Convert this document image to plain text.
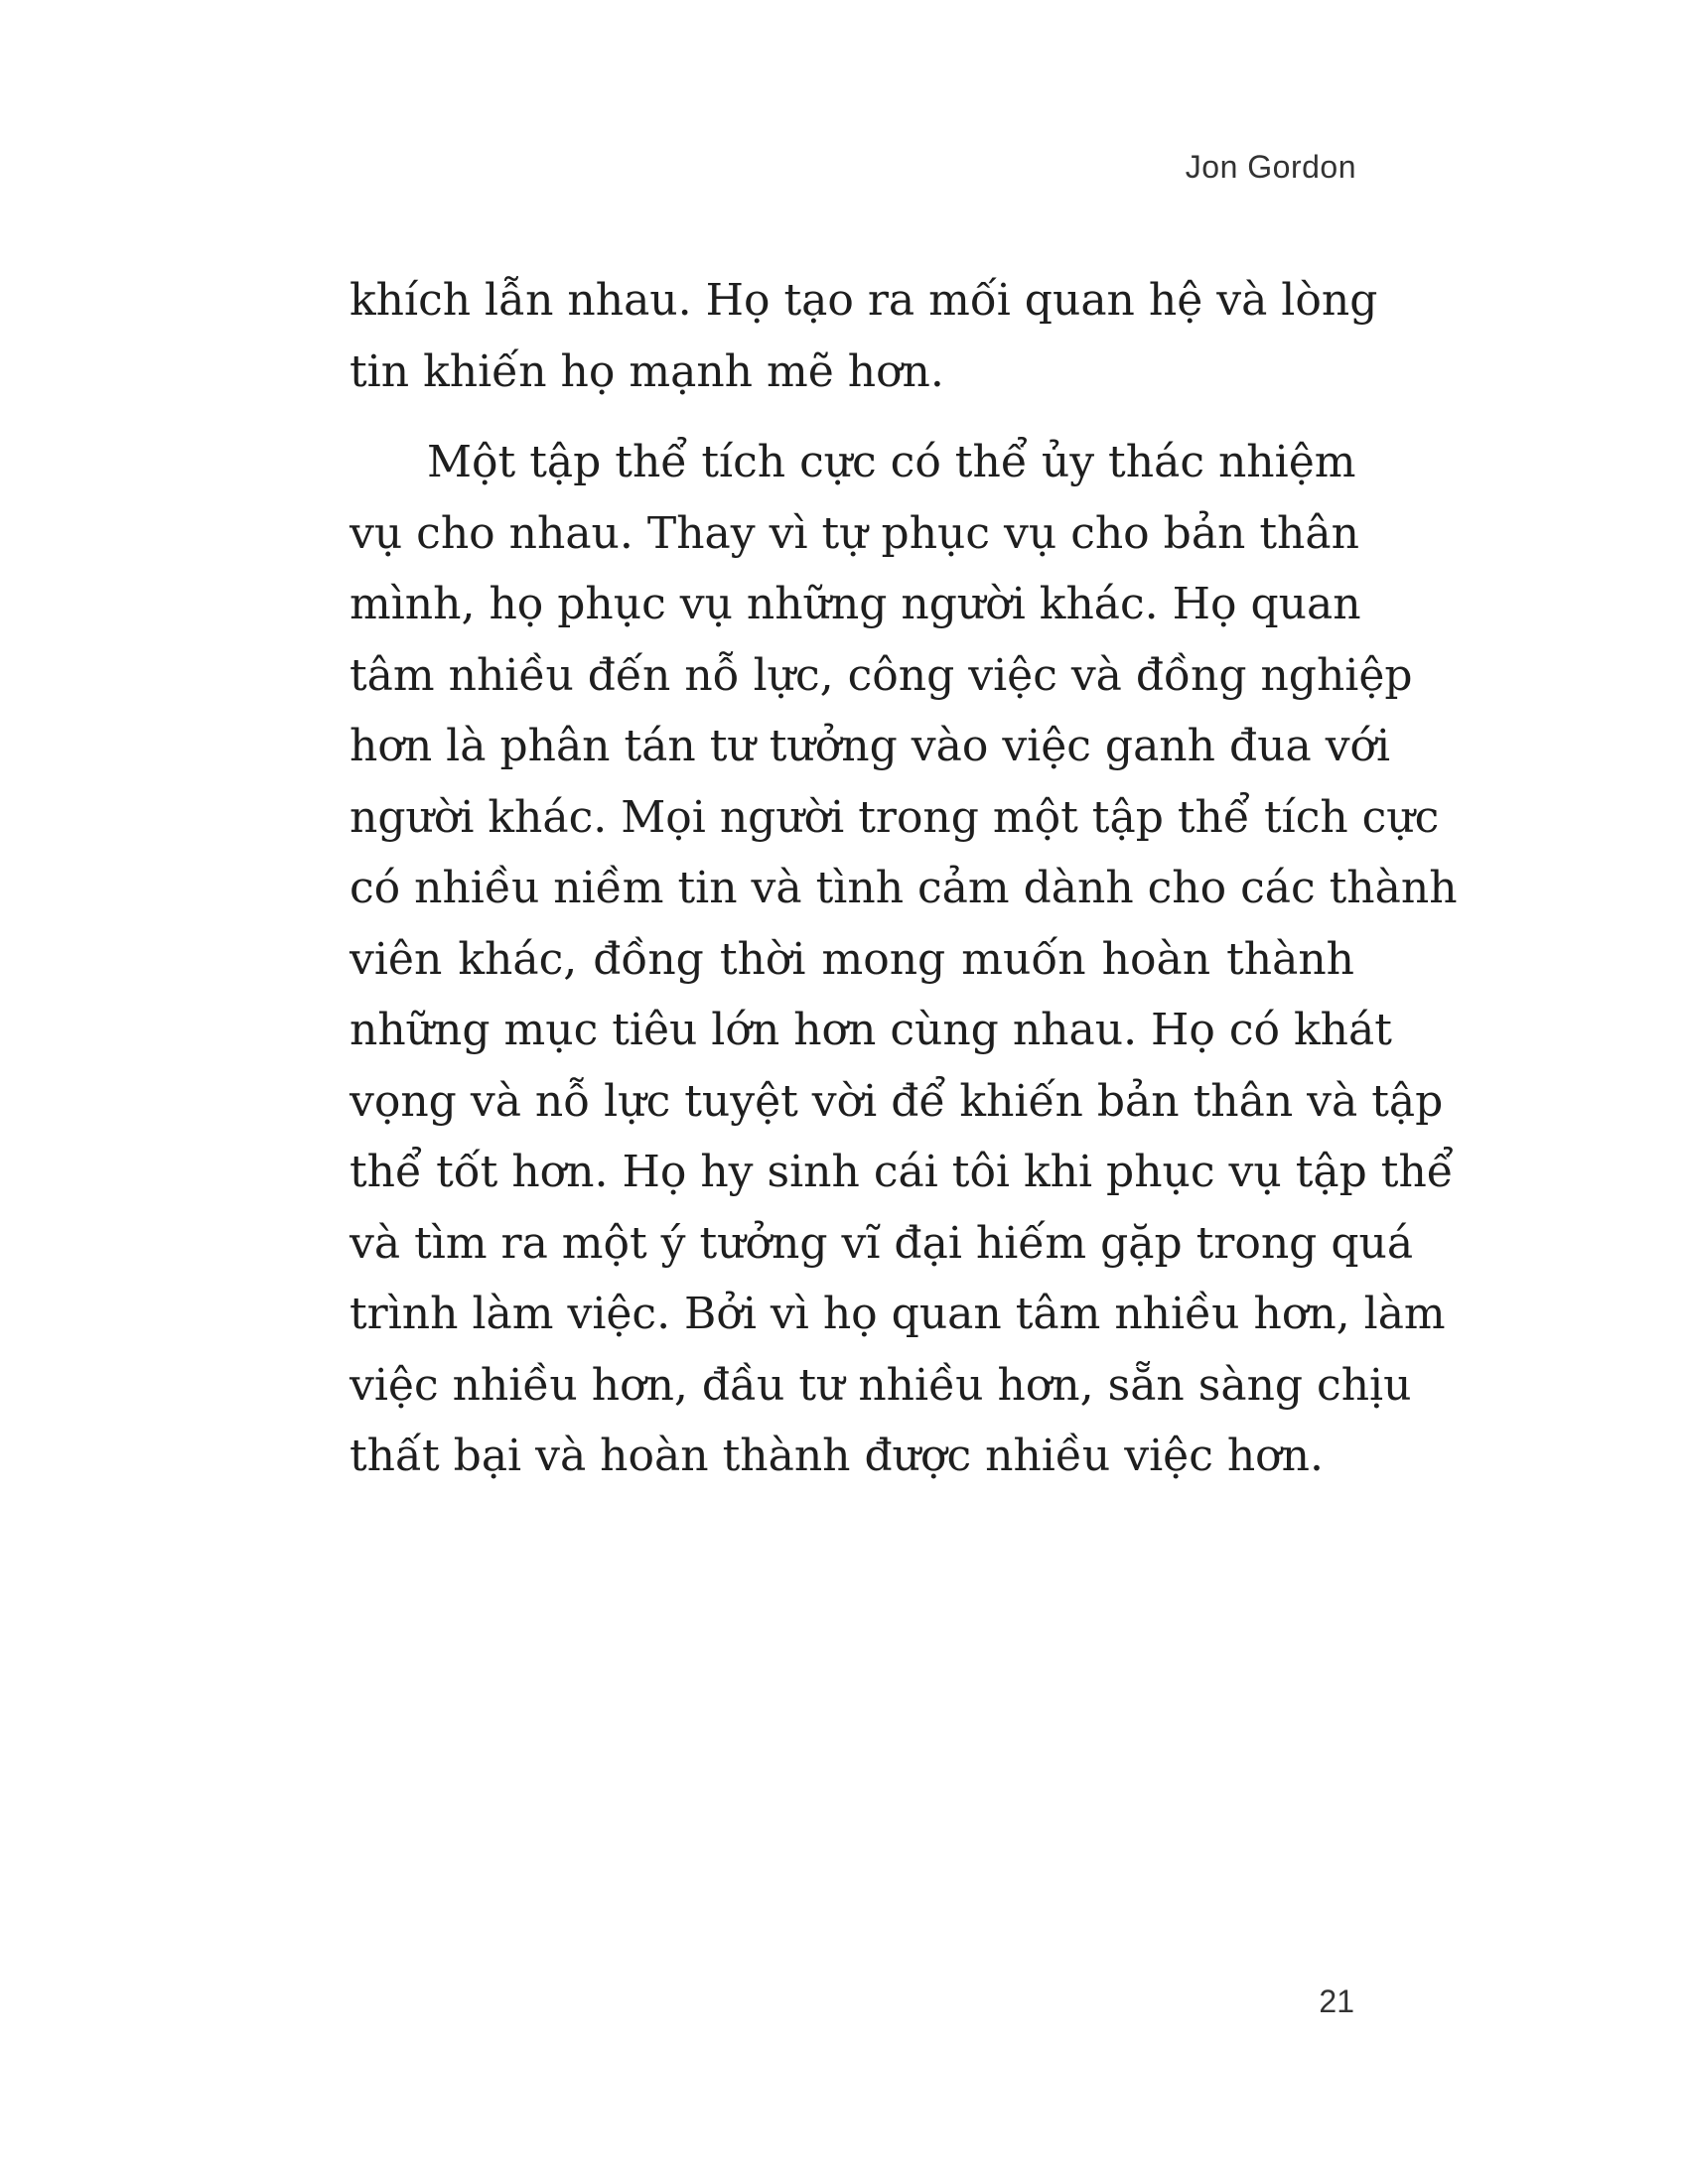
Jon Gordon
khích lẫn nhau. Họ tạo ra mối quan hệ và lòng
tin khiến họ mạnh mẽ hơn.
Một tập thể tích cực có thể ủy thác nhiệm
vụ cho nhau. Thay vì tự phục vụ cho bản thân
mình, họ phục vụ những người khác. Họ quan
tâm nhiều đến nỗ lực, công việc và đồng nghiệp
hơn là phân tán tư tưởng vào việc ganh đua với
người khác. Mọi người trong một tập thể tích cực
có nhiều niềm tin và tình cảm dành cho các thành
viên khác, đồng thời mong muốn hoàn thành
những mục tiêu lớn hơn cùng nhau. Họ có khát
vọng và nỗ lực tuyệt vời để khiến bản thân và tập
thể tốt hơn. Họ hy sinh cái tôi khi phục vụ tập thể
và tìm ra một ý tưởng vĩ đại hiếm gặp trong quá
trình làm việc. Bởi vì họ quan tâm nhiều hơn, làm
việc nhiều hơn, đầu tư nhiều hơn, sẵn sàng chịu
thất bại và hoàn thành được nhiều việc hơn.
21
